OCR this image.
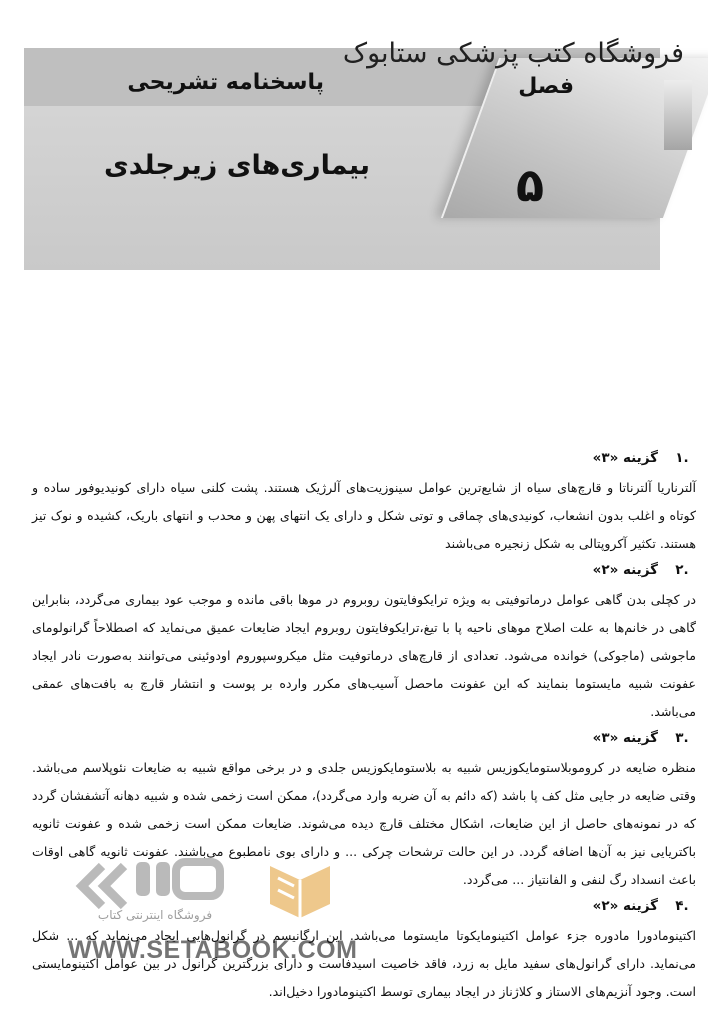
فروشگاه کتب پزشکی ستابوک
فصل
پاسخنامه تشریحی
۵
بیماری‌های زیرجلدی
.۱
گزینه «۳»

آلترناریا آلترناتا و قارچ‌های سیاه از شایع‌ترین عوامل سینوزیت‌های آلرژیک هستند. پشت کلنی سیاه دارای کونیدیوفور ساده و کوتاه و اغلب بدون انشعاب، کونیدی‌های چماقی و توتی شکل و دارای یک انتهای پهن و محدب و انتهای باریک، کشیده و نوک تیز هستند. تکثیر آکروپتالی به شکل زنجیره می‌باشند

.۲
گزینه «۲»

در کچلی بدن گاهی عوامل درماتوفیتی به ویژه ترایکوفایتون روبروم در موها باقی مانده و موجب عود بیماری می‌گردد، بنابراین گاهی در خانم‌ها به علت اصلاح موهای ناحیه پا با تیغ،ترایکوفایتون روبروم ایجاد ضایعات عمیق می‌نماید که اصطلاحاً گرانولومای ماجوشی (ماجوکی) خوانده می‌شود. تعدادی از قارچ‌های درماتوفیت مثل میکروسپوروم اودوئینی می‌توانند به‌صورت نادر ایجاد عفونت شبیه مایستوما بنمایند که این عفونت ماحصل آسیب‌های مکرر وارده بر پوست و انتشار قارچ به بافت‌های عمقی می‌باشد.

.۳
گزینه «۳»

منظره ضایعه در کروموبلاستومایکوزیس شبیه به بلاستومایکوزیس جلدی و در برخی مواقع شبیه به ضایعات نئوپلاسم می‌باشد. وقتی ضایعه در جایی مثل کف پا باشد (که دائم به آن ضربه وارد می‌گردد)، ممکن است زخمی شده و شبیه دهانه آتشفشان گردد که در نمونه‌های حاصل از این ضایعات، اشکال مختلف قارچ دیده می‌شوند. ضایعات ممکن است زخمی شده و عفونت ثانویه باکتریایی نیز به آن‌ها اضافه گردد. در این حالت ترشحات چرکی ... و دارای بوی نامطبوع می‌باشند. عفونت ثانویه گاهی اوقات باعث انسداد رگ لنفی و الفانتیاز ... می‌گردد.

.۴
گزینه «۲»

اکتینومادورا مادوره جزء عوامل اکتینومایکوتا مایستوما می‌باشد. این ارگانیسم در گرانول‌هایی ایجاد می‌نماید که ... شکل می‌نماید. دارای گرانول‌های سفید مایل به زرد، فاقد خاصیت اسیدفاست و دارای بزرگترین گرانول در بین عوامل اکتینومایستی است. وجود آنزیم‌های الاستاز و کلاژناز در ایجاد بیماری توسط اکتینومادورا دخیل‌اند.

فروشگاه اینترنتی کتاب
WWW.SETABOOK.COM
